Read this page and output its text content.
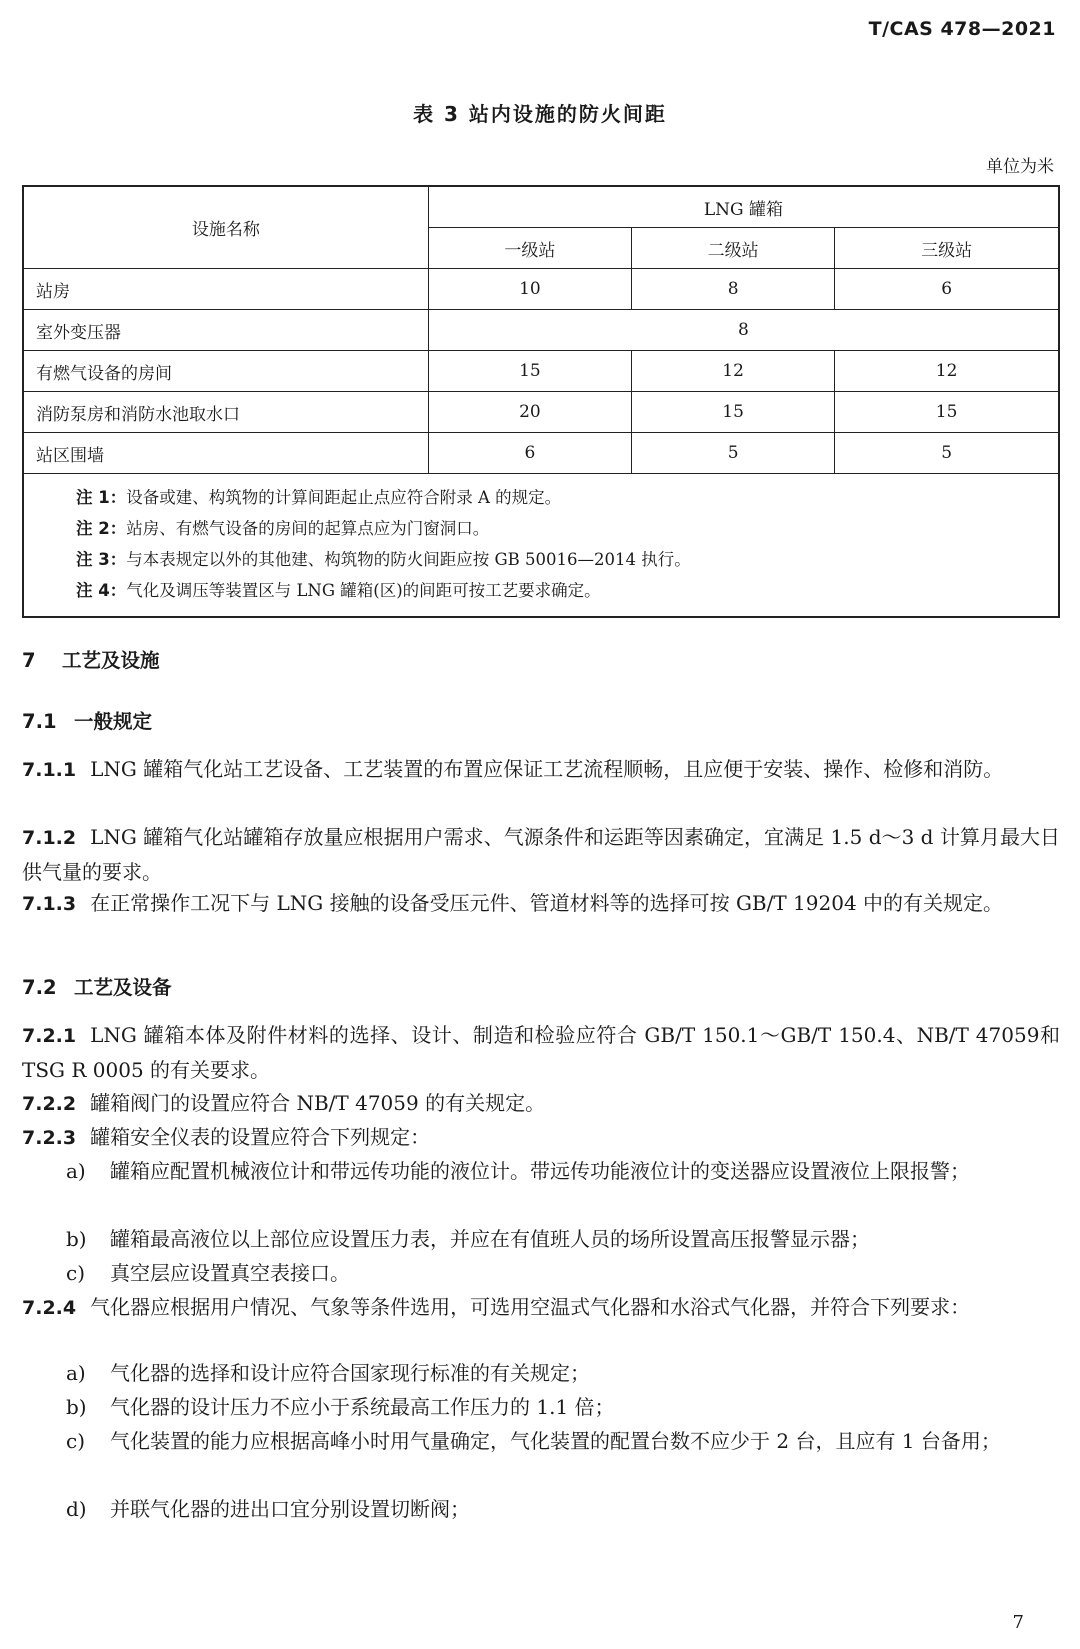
T/CAS 478—2021
表 3 站内设施的防火间距
单位为米
设施名称	LNG 罐箱		
	一级站	二级站	三级站
站房	10	8	6
室外变压器	8		
有燃气设备的房间	15	12	12
消防泵房和消防水池取水口	20	15	15
站区围墙	6	5	5

注 1：设备或建、构筑物的计算间距起止点应符合附录 A 的规定。
注 2：站房、有燃气设备的房间的起算点应为门窗洞口。
注 3：与本表规定以外的其他建、构筑物的防火间距应按 GB 50016—2014 执行。
注 4：气化及调压等装置区与 LNG 罐箱(区)的间距可按工艺要求确定。			
7 工艺及设施
7.1 一般规定
7.1.1 LNG 罐箱气化站工艺设备、工艺装置的布置应保证工艺流程顺畅，且应便于安装、操作、检修和消防。
7.1.2 LNG 罐箱气化站罐箱存放量应根据用户需求、气源条件和运距等因素确定，宜满足 1.5 d～3 d 计算月最大日供气量的要求。
7.1.3 在正常操作工况下与 LNG 接触的设备受压元件、管道材料等的选择可按 GB/T 19204 中的有关规定。
7.2 工艺及设备
7.2.1 LNG 罐箱本体及附件材料的选择、设计、制造和检验应符合 GB/T 150.1～GB/T 150.4、NB/T 47059和 TSG R 0005 的有关要求。
7.2.2 罐箱阀门的设置应符合 NB/T 47059 的有关规定。
7.2.3 罐箱安全仪表的设置应符合下列规定：
a) 罐箱应配置机械液位计和带远传功能的液位计。带远传功能液位计的变送器应设置液位上限报警；
b) 罐箱最高液位以上部位应设置压力表，并应在有值班人员的场所设置高压报警显示器；
c) 真空层应设置真空表接口。
7.2.4 气化器应根据用户情况、气象等条件选用，可选用空温式气化器和水浴式气化器，并符合下列要求：
a) 气化器的选择和设计应符合国家现行标准的有关规定；
b) 气化器的设计压力不应小于系统最高工作压力的 1.1 倍；
c) 气化装置的能力应根据高峰小时用气量确定，气化装置的配置台数不应少于 2 台，且应有 1 台备用；
d) 并联气化器的进出口宜分别设置切断阀；
7
